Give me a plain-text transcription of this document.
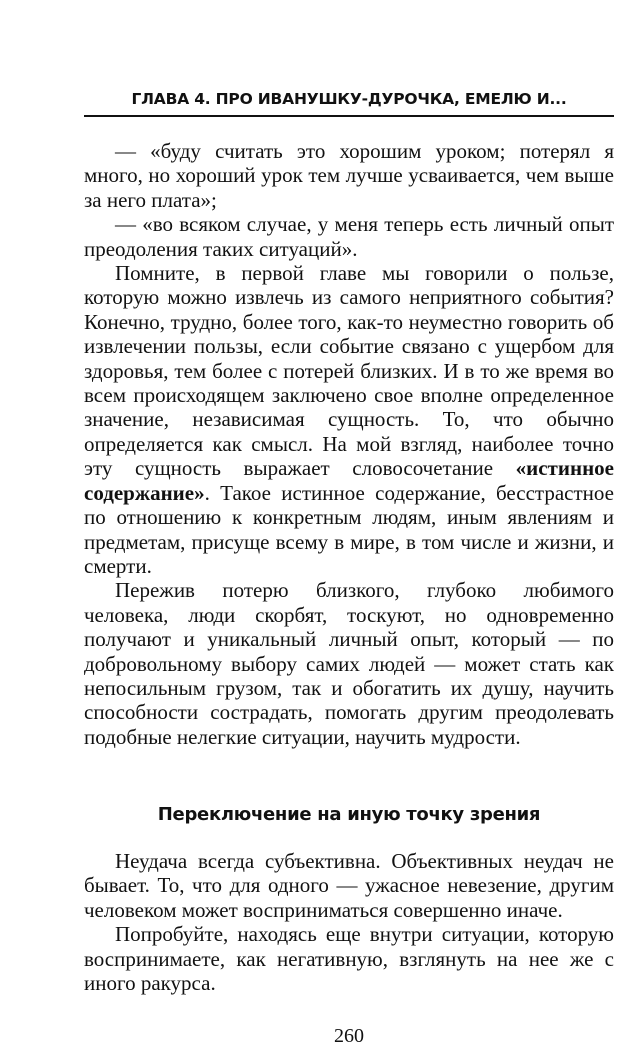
ГЛАВА 4. ПРО ИВАНУШКУ-ДУРОЧКА, ЕМЕЛЮ И...

— «буду считать это хорошим уроком; потерял я много, но хороший урок тем лучше усваивается, чем выше за него плата»;

— «во всяком случае, у меня теперь есть личный опыт преодоления таких ситуаций».

Помните, в первой главе мы говорили о пользе, которую можно извлечь из самого неприятного события? Конечно, трудно, более того, как-то неуместно говорить об извлечении пользы, если событие связано с ущербом для здоровья, тем более с потерей близких. И в то же время во всем происходящем заключено свое вполне определенное значение, независимая сущность. То, что обычно определяется как смысл. На мой взгляд, наиболее точно эту сущность выражает словосочетание «истинное содержание». Такое истинное содержание, бесстрастное по отношению к конкретным людям, иным явлениям и предметам, присуще всему в мире, в том числе и жизни, и смерти.

Пережив потерю близкого, глубоко любимого человека, люди скорбят, тоскуют, но одновременно получают и уникальный личный опыт, который — по добровольному выбору самих людей — может стать как непосильным грузом, так и обогатить их душу, научить способности сострадать, помогать другим преодолевать подобные нелегкие ситуации, научить мудрости.

Переключение на иную точку зрения

Неудача всегда субъективна. Объективных неудач не бывает. То, что для одного — ужасное невезение, другим человеком может восприниматься совершенно иначе.

Попробуйте, находясь еще внутри ситуации, которую воспринимаете, как негативную, взглянуть на нее же с иного ракурса.

260
